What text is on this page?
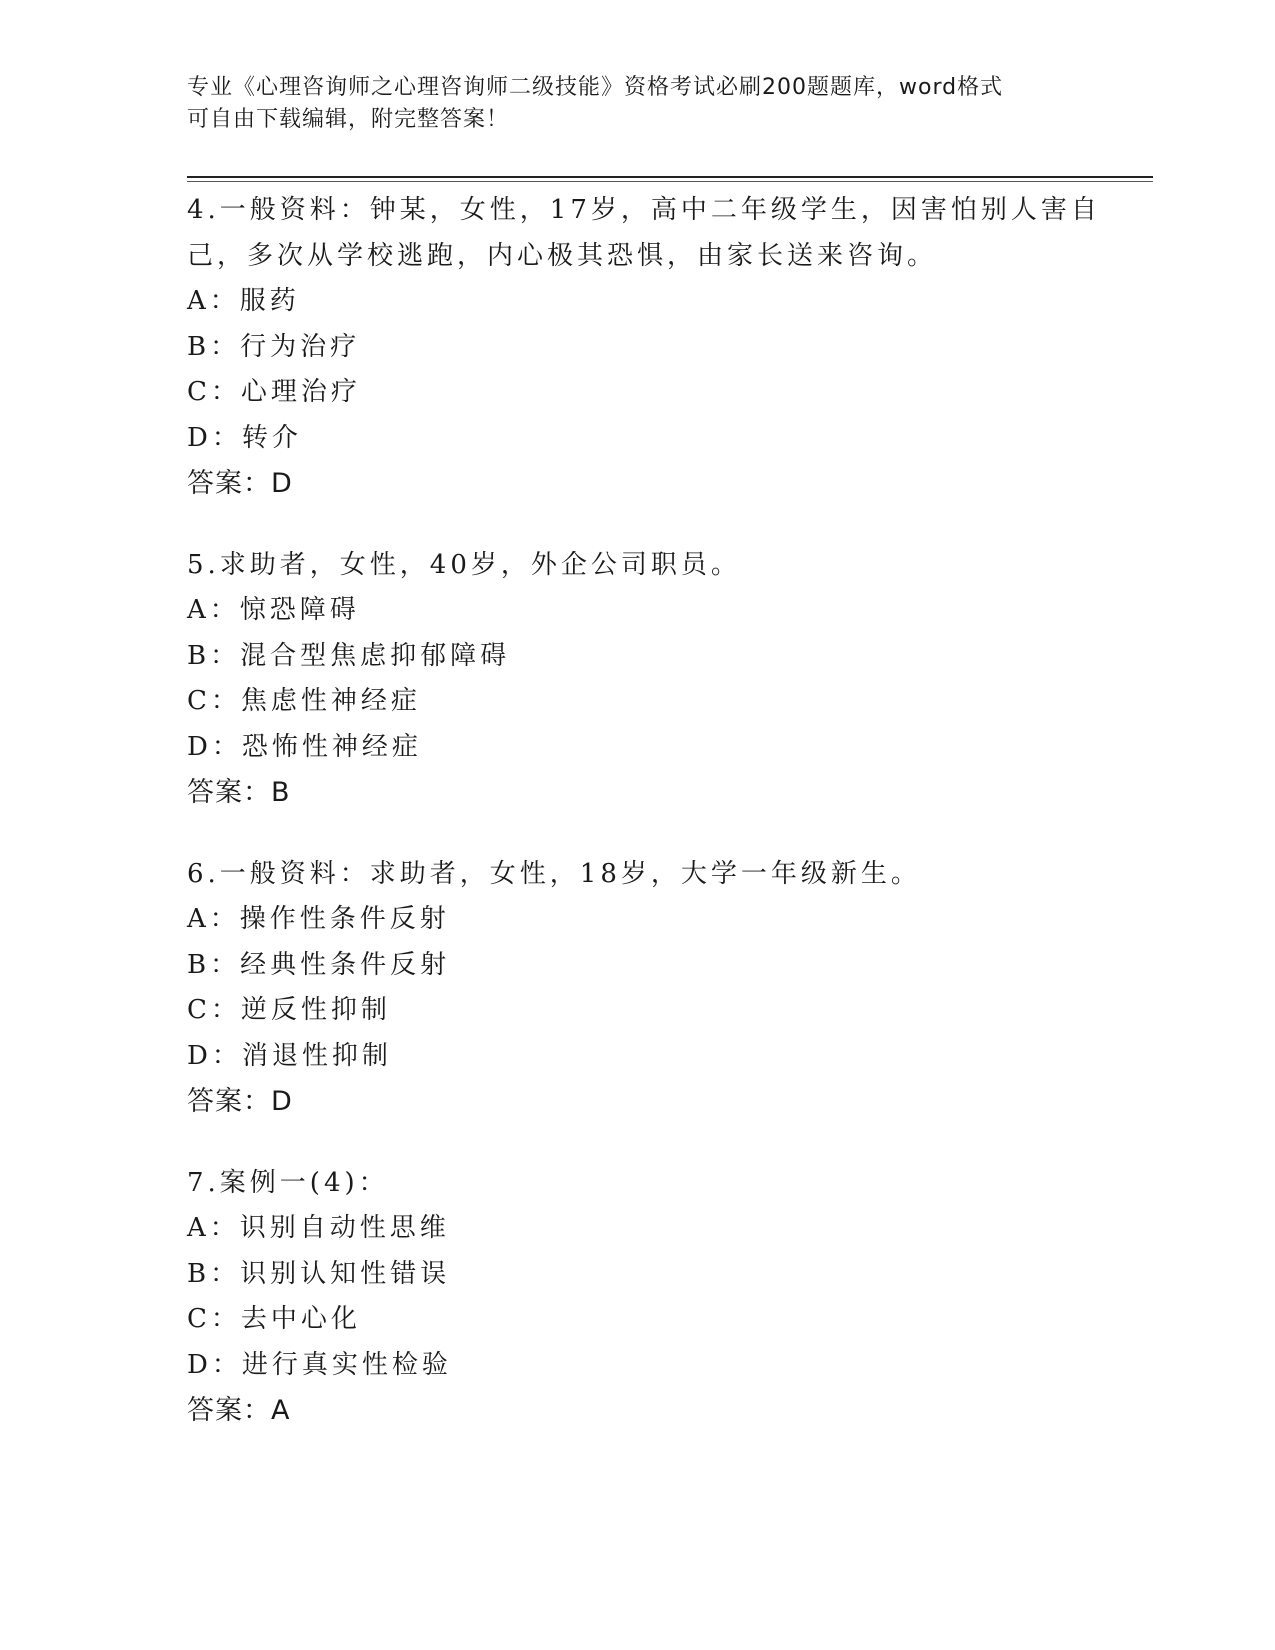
专业《心理咨询师之心理咨询师二级技能》资格考试必刷200题题库，word格式
可自由下载编辑，附完整答案！
4.一般资料：钟某，女性，17岁，高中二年级学生，因害怕别人害自
己，多次从学校逃跑，内心极其恐惧，由家长送来咨询。
A：服药
B：行为治疗
C：心理治疗
D：转介
答案：D
5.求助者，女性，40岁，外企公司职员。
A：惊恐障碍
B：混合型焦虑抑郁障碍
C：焦虑性神经症
D：恐怖性神经症
答案：B
6.一般资料：求助者，女性，18岁，大学一年级新生。
A：操作性条件反射
B：经典性条件反射
C：逆反性抑制
D：消退性抑制
答案：D
7.案例一(4)：
A：识别自动性思维
B：识别认知性错误
C：去中心化
D：进行真实性检验
答案：A
